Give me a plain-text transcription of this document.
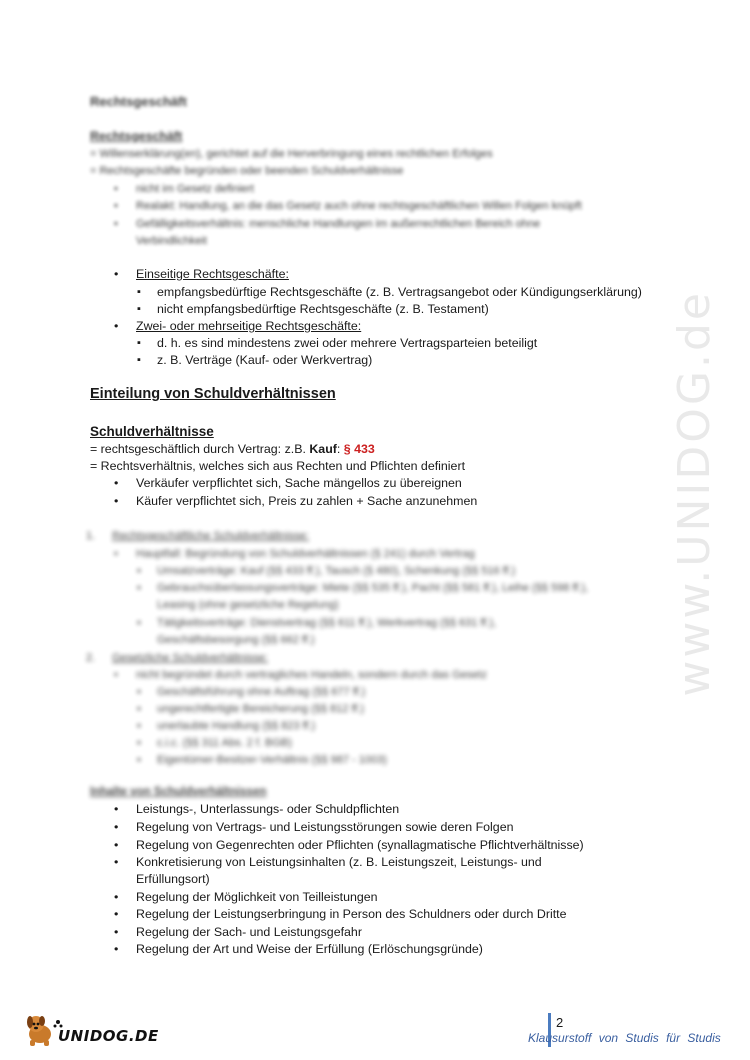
www.UNIDOG.de
Rechtsgeschäft
Rechtsgeschäft
= Willenserklärung(en), gerichtet auf die Herverbringung eines rechtlichen Erfolges
= Rechtsgeschäfte begründen oder beenden Schuldverhältnisse
• nicht im Gesetz definiert
• Realakt: Handlung, an die das Gesetz auch ohne rechtsgeschäftlichen Willen Folgen knüpft
• Gefälligkeitsverhältnis: menschliche Handlungen im außerrechtlichen Bereich ohne
Verbindlichkeit
• Einseitige Rechtsgeschäfte:
▪ empfangsbedürftige Rechtsgeschäfte (z. B. Vertragsangebot oder Kündigungserklärung)
▪ nicht empfangsbedürftige Rechtsgeschäfte (z. B. Testament)
• Zwei- oder mehrseitige Rechtsgeschäfte:
▪ d. h. es sind mindestens zwei oder mehrere Vertragsparteien beteiligt
▪ z. B. Verträge (Kauf- oder Werkvertrag)
Einteilung von Schuldverhältnissen
Schuldverhältnisse
= rechtsgeschäftlich durch Vertrag: z.B. Kauf: § 433
= Rechtsverhältnis, welches sich aus Rechten und Pflichten definiert
• Verkäufer verpflichtet sich, Sache mängellos zu übereignen
• Käufer verpflichtet sich, Preis zu zahlen + Sache anzunehmen
1. Rechtsgeschäftliche Schuldverhältnisse:
• Hauptfall: Begründung von Schuldverhältnissen (§ 241) durch Vertrag
▪ Umsatzverträge: Kauf (§§ 433 ff.), Tausch (§ 480), Schenkung (§§ 516 ff.)
▪ Gebrauchsüberlassungsverträge: Miete (§§ 535 ff.), Pacht (§§ 581 ff.), Leihe (§§ 598 ff.),
Leasing (ohne gesetzliche Regelung)
▪ Tätigkeitsverträge: Dienstvertrag (§§ 611 ff.), Werkvertrag (§§ 631 ff.),
Geschäftsbesorgung (§§ 662 ff.)
2. Gesetzliche Schuldverhältnisse:
• nicht begründet durch vertragliches Handeln, sondern durch das Gesetz
▪ Geschäftsführung ohne Auftrag (§§ 677 ff.)
▪ ungerechtfertigte Bereicherung (§§ 812 ff.)
▪ unerlaubte Handlung (§§ 823 ff.)
▪ c.i.c. (§§ 311 Abs. 2 f. BGB)
▪ Eigentümer-Besitzer-Verhältnis (§§ 987 - 1003)
Inhalte von Schuldverhältnissen
• Leistungs-, Unterlassungs- oder Schuldpflichten
• Regelung von Vertrags- und Leistungsstörungen sowie deren Folgen
• Regelung von Gegenrechten oder Pflichten (synallagmatische Pflichtverhältnisse)
• Konkretisierung von Leistungsinhalten (z. B. Leistungszeit, Leistungs- und
Erfüllungsort)
• Regelung der Möglichkeit von Teilleistungen
• Regelung der Leistungserbringung in Person des Schuldners oder durch Dritte
• Regelung der Sach- und Leistungsgefahr
• Regelung der Art und Weise der Erfüllung (Erlöschungsgründe)
UNIDOG.DE
2
Klausurstoff von Studis für Studis
